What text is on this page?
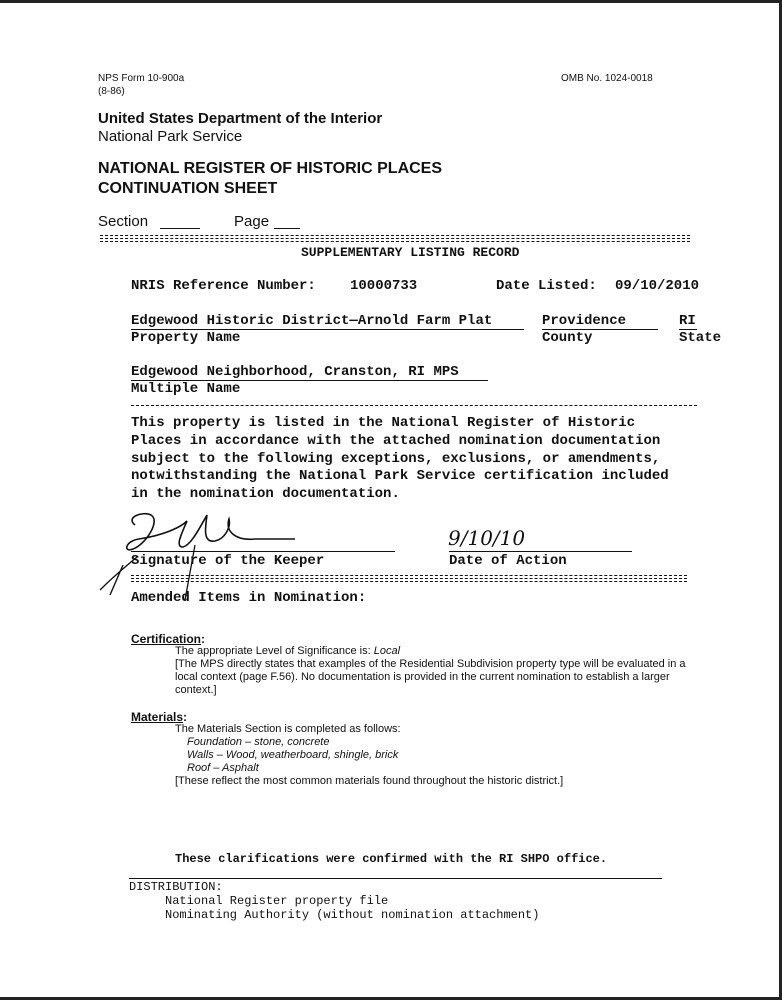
NPS Form 10-900a
(8-86)
OMB No. 1024-0018
United States Department of the Interior
National Park Service
NATIONAL REGISTER OF HISTORIC PLACES
CONTINUATION SHEET
Section	Page
SUPPLEMENTARY LISTING RECORD
NRIS Reference Number: 10000733	Date Listed: 09/10/2010
Edgewood Historic District—Arnold Farm Plat
Property Name
Providence
County
RI
State
Edgewood Neighborhood, Cranston, RI MPS
Multiple Name
This property is listed in the National Register of Historic
Places in accordance with the attached nomination documentation
subject to the following exceptions, exclusions, or amendments,
notwithstanding the National Park Service certification included
in the nomination documentation.
Signature of the Keeper
9/10/10
Date of Action
Amended Items in Nomination:
Certification:
The appropriate Level of Significance is: Local
[The MPS directly states that examples of the Residential Subdivision property type will be evaluated in a
local context (page F.56). No documentation is provided in the current nomination to establish a larger
context.]
Materials:
The Materials Section is completed as follows:
Foundation – stone, concrete
Walls – Wood, weatherboard, shingle, brick
Roof – Asphalt
[These reflect the most common materials found throughout the historic district.]
These clarifications were confirmed with the RI SHPO office.
DISTRIBUTION:
National Register property file
Nominating Authority (without nomination attachment)
